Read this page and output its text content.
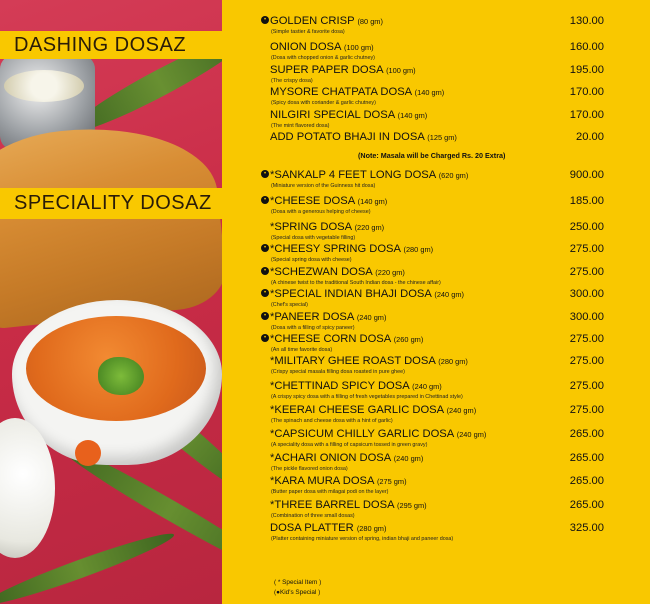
DASHING DOSAZ
SPECIALITY DOSAZ
(Note: Masala will be Charged Rs. 20 Extra)
• GOLDEN CRISP (80 gm)
(Simple tastier & favorite dosa)
130.00
ONION DOSA (100 gm)
(Dosa with chopped onion & garlic chutney)
160.00
SUPER PAPER DOSA (100 gm)
(The crispy dosa)
195.00
MYSORE CHATPATA DOSA (140 gm)
(Spicy dosa with coriander & garlic chutney)
170.00
NILGIRI SPECIAL DOSA (140 gm)
(The mint flavored dosa)
170.00
ADD POTATO BHAJI IN DOSA (125 gm)	20.00
• *SANKALP 4 FEET LONG DOSA (620 gm)
(Miniature version of the Guinness hit dosa)
900.00
• *CHEESE DOSA (140 gm)
(Dosa with a generous helping of cheese)
185.00
*SPRING DOSA (220 gm)
(Special dosa with vegetable filling)
250.00
• *CHEESY SPRING DOSA (280 gm)
(Special spring dosa with cheese)
275.00
• *SCHEZWAN DOSA (220 gm)
(A chinese twist to the traditional South Indian dosa - the chinese affair)
275.00
• *SPECIAL INDIAN BHAJI DOSA (240 gm)
(Chef's special)
300.00
• *PANEER DOSA (240 gm)
(Dosa with a filling of spicy paneer)
300.00
• *CHEESE CORN DOSA (260 gm)
(An all time favorite dosa)
275.00
*MILITARY GHEE ROAST DOSA (280 gm)
(Crispy special masala filling dosa roasted in pure ghee)
275.00
*CHETTINAD SPICY DOSA (240 gm)
(A crispy spicy dosa with a filling of fresh vegetables prepared in Chettinad style)
275.00
*KEERAI CHEESE GARLIC DOSA (240 gm)
(The spinach and cheese dosa with a hint of garlic)
275.00
*CAPSICUM CHILLY GARLIC DOSA (240 gm)
(A speciality dosa with a filling of capsicum tossed in green gravy)
265.00
*ACHARI ONION DOSA (240 gm)
(The pickle flavored onion dosa)
265.00
*KARA MURA DOSA (275 gm)
(Butter paper dosa with milagai podi on the layer)
265.00
*THREE BARREL DOSA (295 gm)
(Combination of three small dosas)
265.00
DOSA PLATTER (280 gm)
(Platter containing miniature version of spring, indian bhaji and paneer dosa)
325.00
( * Special Item )
(●Kid's Special )
